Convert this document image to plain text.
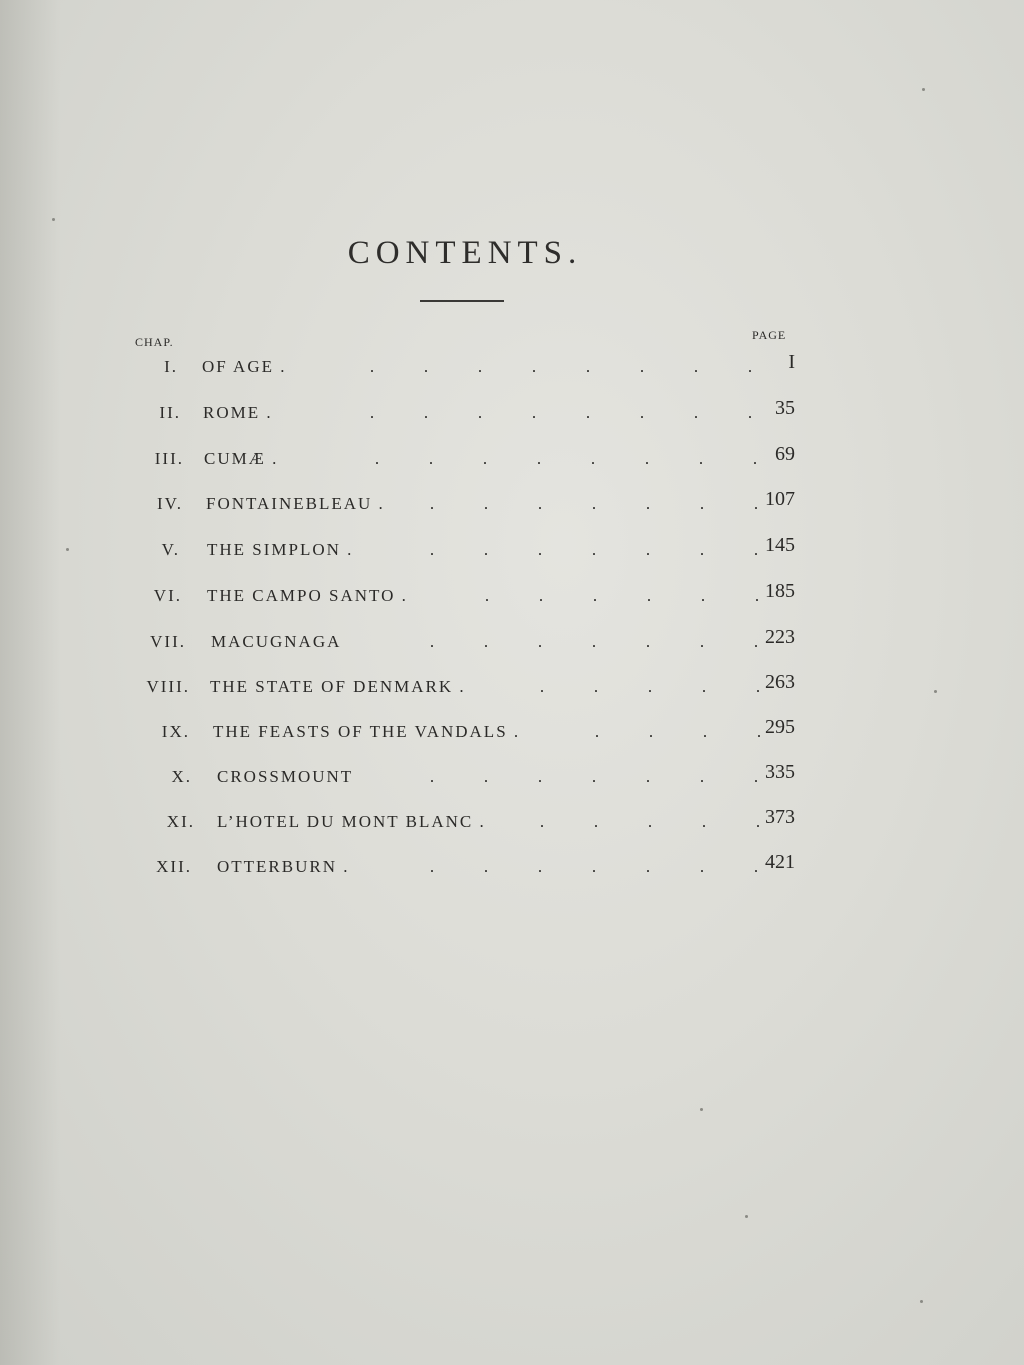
CONTENTS.
CHAP.	PAGE
I. OF AGE .	.	.	.	.	.	.	.	.	I
II. ROME .	.	.	.	.	.	.	.	.	35
III. CUMÆ .	.	.	.	.	.	.	.	. 69
IV. FONTAINEBLEAU .	.	.	.	.	.	.	. 107
V. THE SIMPLON .	.	.	.	.	.	.	. 145
VI. THE CAMPO SANTO .	.	.	.	.	.	. 185
VII. MACUGNAGA	.	.	.	.	.	.	. 223
VIII. THE STATE OF DENMARK .	.	.	.	.	. 263
IX. THE FEASTS OF THE VANDALS .	.	.	.	. 295
X. CROSSMOUNT	.	.	.	.	.	.	. 335
XI. L’HOTEL DU MONT BLANC .	.	.	.	.	. 373
XII. OTTERBURN .	.	.	.	.	.	.	. 421
